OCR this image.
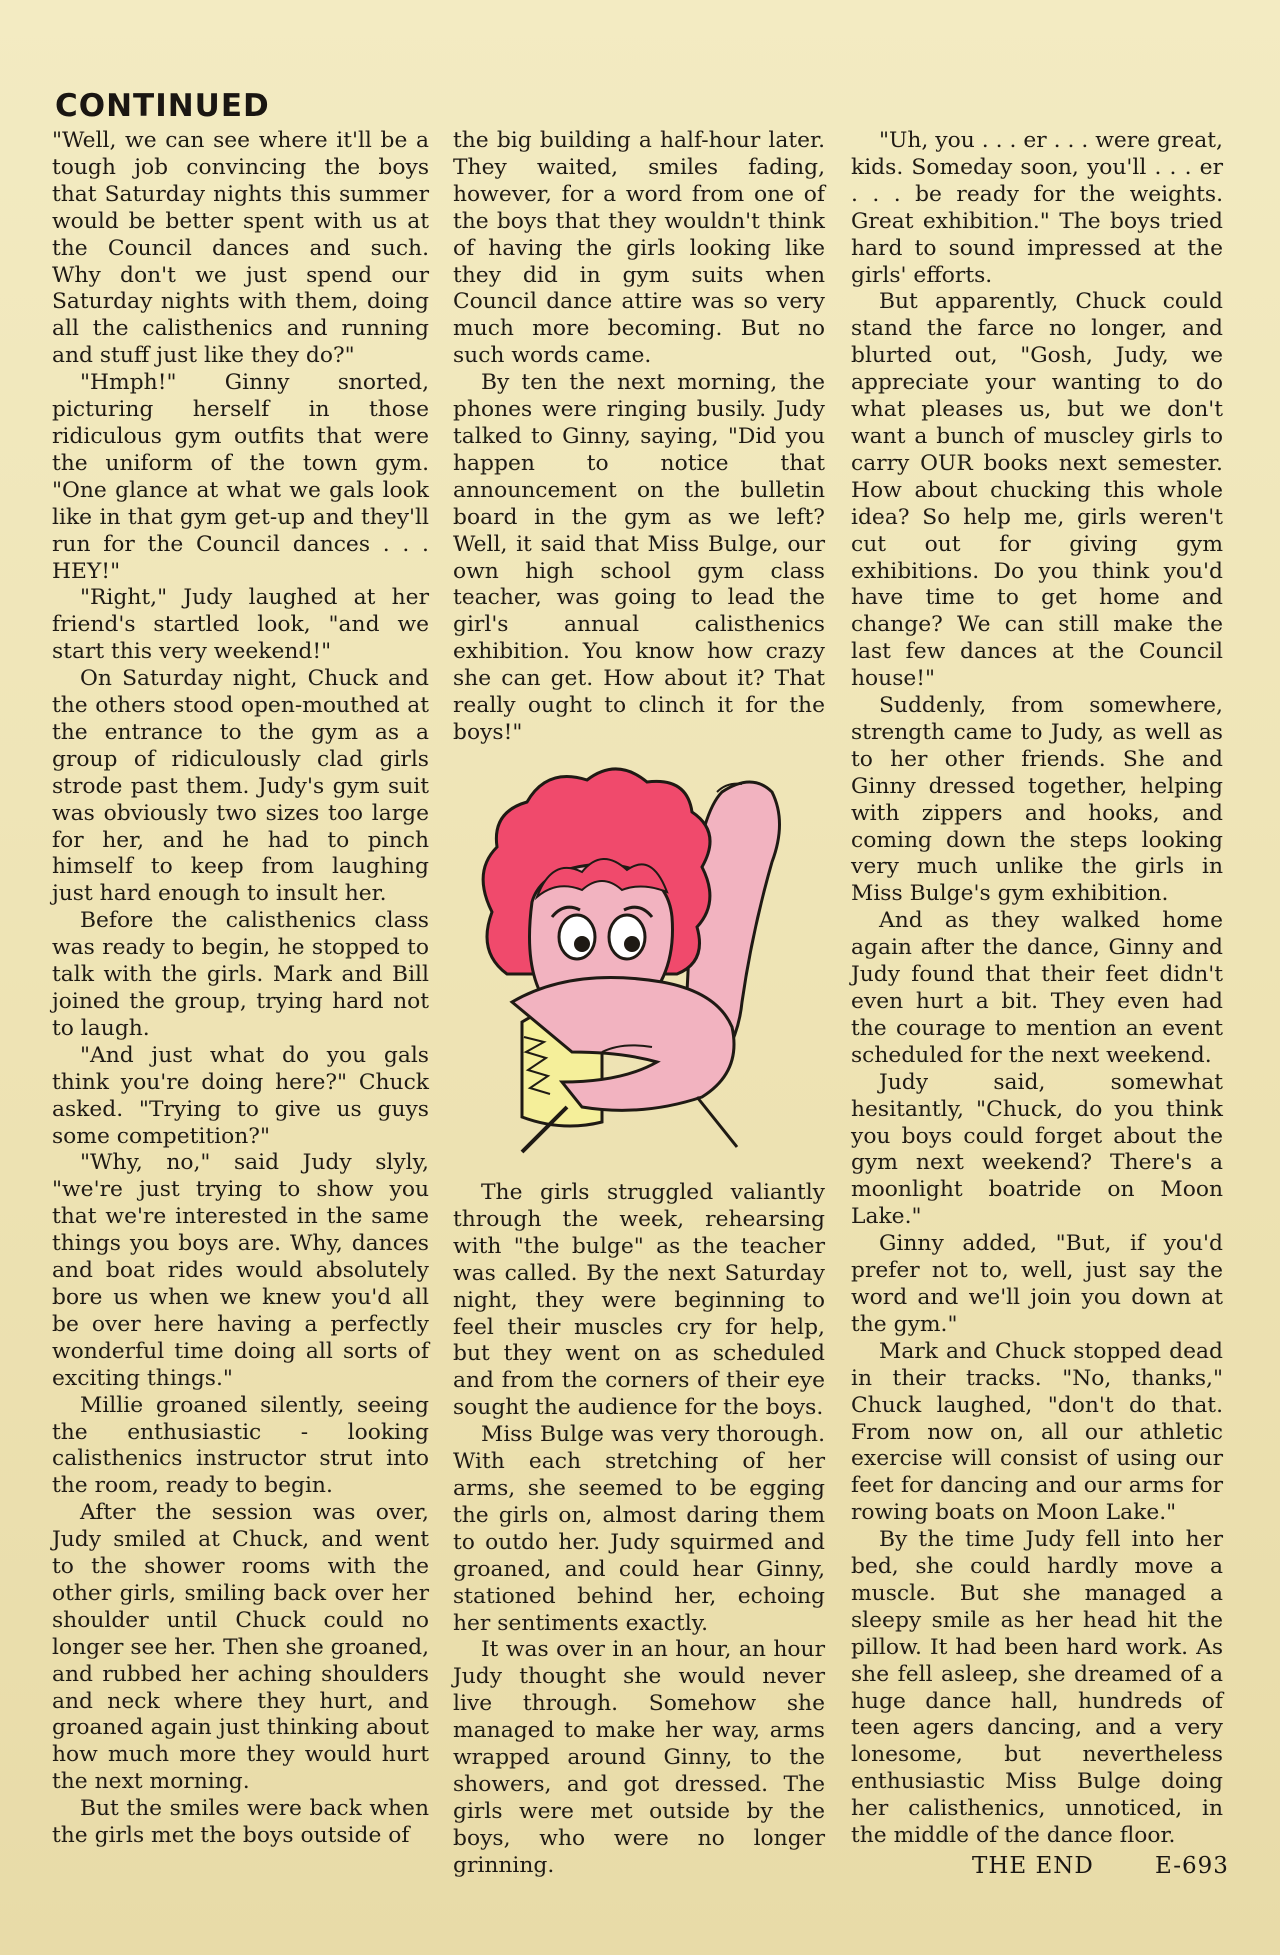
CONTINUED

"Well, we can see where it'll be a tough job convincing the boys that Saturday nights this summer would be better spent with us at the Council dances and such. Why don't we just spend our Saturday nights with them, doing all the calisthenics and running and stuff just like they do?"

"Hmph!" Ginny snorted, picturing herself in those ridiculous gym outfits that were the uniform of the town gym. "One glance at what we gals look like in that gym get-up and they'll run for the Council dances . . . HEY!"

"Right," Judy laughed at her friend's startled look, "and we start this very weekend!"

On Saturday night, Chuck and the others stood open-mouthed at the entrance to the gym as a group of ridiculously clad girls strode past them. Judy's gym suit was obviously two sizes too large for her, and he had to pinch himself to keep from laughing just hard enough to insult her.

Before the calisthenics class was ready to begin, he stopped to talk with the girls. Mark and Bill joined the group, trying hard not to laugh.

"And just what do you gals think you're doing here?" Chuck asked. "Trying to give us guys some competition?"

"Why, no," said Judy slyly, "we're just trying to show you that we're interested in the same things you boys are. Why, dances and boat rides would absolutely bore us when we knew you'd all be over here having a perfectly wonderful time doing all sorts of exciting things."

Millie groaned silently, seeing the enthusiastic - looking calisthenics instructor strut into the room, ready to begin.

After the session was over, Judy smiled at Chuck, and went to the shower rooms with the other girls, smiling back over her shoulder until Chuck could no longer see her. Then she groaned, and rubbed her aching shoulders and neck where they hurt, and groaned again just thinking about how much more they would hurt the next morning.

But the smiles were back when the girls met the boys outside of

the big building a half-hour later. They waited, smiles fading, however, for a word from one of the boys that they wouldn't think of having the girls looking like they did in gym suits when Council dance attire was so very much more becoming. But no such words came.

By ten the next morning, the phones were ringing busily. Judy talked to Ginny, saying, "Did you happen to notice that announcement on the bulletin board in the gym as we left? Well, it said that Miss Bulge, our own high school gym class teacher, was going to lead the girl's annual calisthenics exhibition. You know how crazy she can get. How about it? That really ought to clinch it for the boys!"

The girls struggled valiantly through the week, rehearsing with "the bulge" as the teacher was called. By the next Saturday night, they were beginning to feel their muscles cry for help, but they went on as scheduled and from the corners of their eye sought the audience for the boys.

Miss Bulge was very thorough. With each stretching of her arms, she seemed to be egging the girls on, almost daring them to outdo her. Judy squirmed and groaned, and could hear Ginny, stationed behind her, echoing her sentiments exactly.

It was over in an hour, an hour Judy thought she would never live through. Somehow she managed to make her way, arms wrapped around Ginny, to the showers, and got dressed. The girls were met outside by the boys, who were no longer grinning.

"Uh, you . . . er . . . were great, kids. Someday soon, you'll . . . er . . . be ready for the weights. Great exhibition." The boys tried hard to sound impressed at the girls' efforts.

But apparently, Chuck could stand the farce no longer, and blurted out, "Gosh, Judy, we appreciate your wanting to do what pleases us, but we don't want a bunch of muscley girls to carry OUR books next semester. How about chucking this whole idea? So help me, girls weren't cut out for giving gym exhibitions. Do you think you'd have time to get home and change? We can still make the last few dances at the Council house!"

Suddenly, from somewhere, strength came to Judy, as well as to her other friends. She and Ginny dressed together, helping with zippers and hooks, and coming down the steps looking very much unlike the girls in Miss Bulge's gym exhibition.

And as they walked home again after the dance, Ginny and Judy found that their feet didn't even hurt a bit. They even had the courage to mention an event scheduled for the next weekend.

Judy said, somewhat hesitantly, "Chuck, do you think you boys could forget about the gym next weekend? There's a moonlight boatride on Moon Lake."

Ginny added, "But, if you'd prefer not to, well, just say the word and we'll join you down at the gym."

Mark and Chuck stopped dead in their tracks. "No, thanks," Chuck laughed, "don't do that. From now on, all our athletic exercise will consist of using our feet for dancing and our arms for rowing boats on Moon Lake."

By the time Judy fell into her bed, she could hardly move a muscle. But she managed a sleepy smile as her head hit the pillow. It had been hard work. As she fell asleep, she dreamed of a huge dance hall, hundreds of teen agers dancing, and a very lonesome, but nevertheless enthusiastic Miss Bulge doing her calisthenics, unnoticed, in the middle of the dance floor.

THE END	E-693
